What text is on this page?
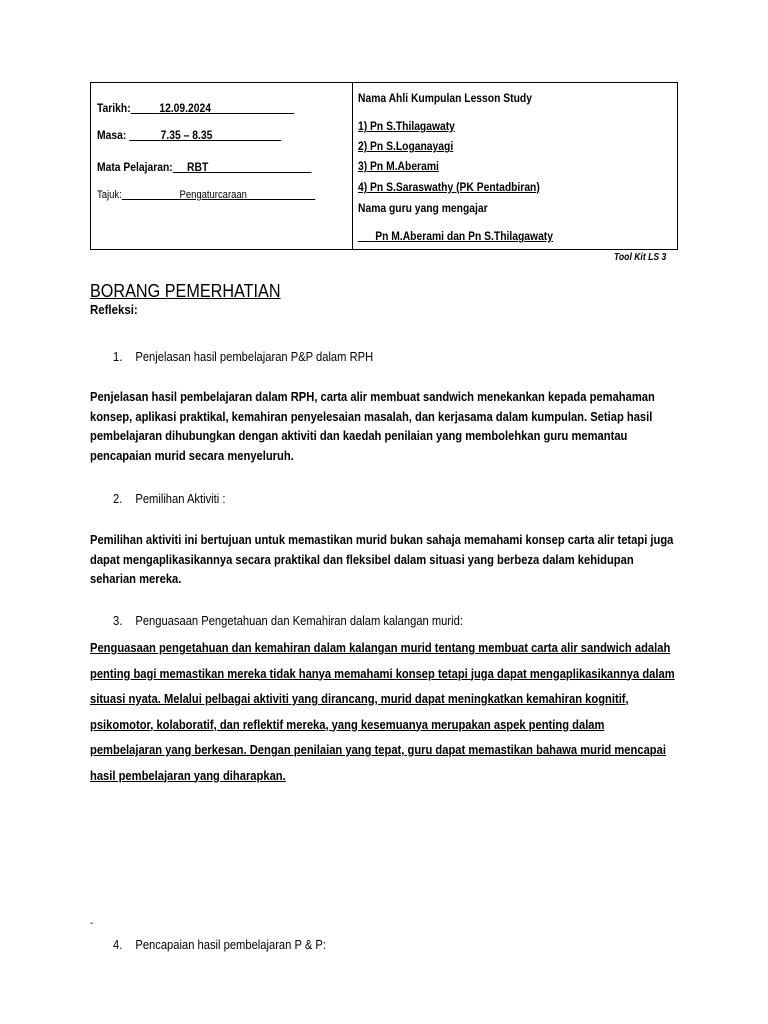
Tarikh: 12.09.2024
Masa:	7.35 – 8.35
Mata Pelajaran: RBT
Tajuk:	Pengaturcaraan
Nama Ahli Kumpulan Lesson Study
1) Pn S.Thilagawaty
2) Pn S.Loganayagi
3) Pn M.Aberami
4) Pn S.Saraswathy (PK Pentadbiran)
Nama guru yang mengajar
Pn M.Aberami dan Pn S.Thilagawaty
Tool Kit LS 3
BORANG PEMERHATIAN
Refleksi:
1. Penjelasan hasil pembelajaran P&P dalam RPH
Penjelasan hasil pembelajaran dalam RPH, carta alir membuat sandwich menekankan kepada pemahaman konsep, aplikasi praktikal, kemahiran penyelesaian masalah, dan kerjasama dalam kumpulan. Setiap hasil pembelajaran dihubungkan dengan aktiviti dan kaedah penilaian yang membolehkan guru memantau pencapaian murid secara menyeluruh.
2. Pemilihan Aktiviti :
Pemilihan aktiviti ini bertujuan untuk memastikan murid bukan sahaja memahami konsep carta alir tetapi juga dapat mengaplikasikannya secara praktikal dan fleksibel dalam situasi yang berbeza dalam kehidupan seharian mereka.
3. Penguasaan Pengetahuan dan Kemahiran dalam kalangan murid:
Penguasaan pengetahuan dan kemahiran dalam kalangan murid tentang membuat carta alir sandwich adalah penting bagi memastikan mereka tidak hanya memahami konsep tetapi juga dapat mengaplikasikannya dalam situasi nyata. Melalui pelbagai aktiviti yang dirancang, murid dapat meningkatkan kemahiran kognitif, psikomotor, kolaboratif, dan reflektif mereka, yang kesemuanya merupakan aspek penting dalam pembelajaran yang berkesan. Dengan penilaian yang tepat, guru dapat memastikan bahawa murid mencapai hasil pembelajaran yang diharapkan.
-
4. Pencapaian hasil pembelajaran P & P:
